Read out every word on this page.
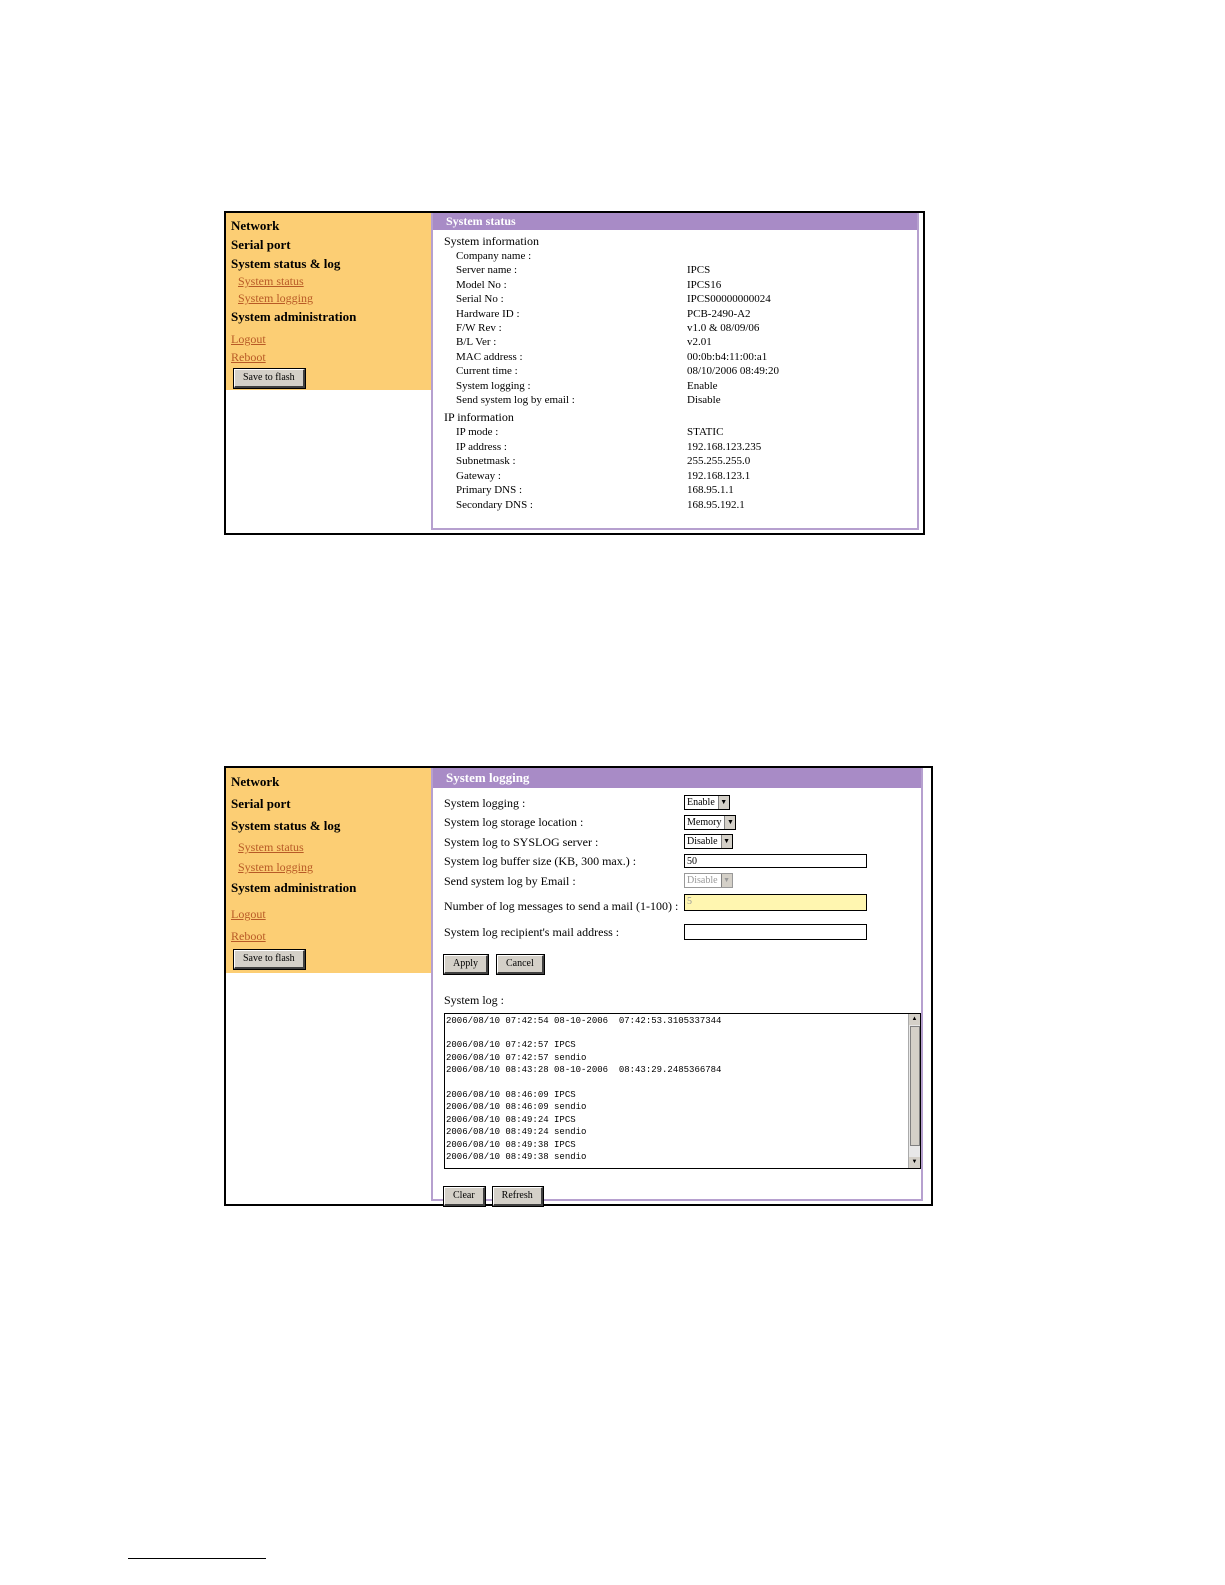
Network
Serial port
System status & log
System status
System logging
System administration
Logout
Reboot
Save to flash
System status
System information
Company name :
Server name :	IPCS
Model No :	IPCS16
Serial No :	IPCS00000000024
Hardware ID :	PCB-2490-A2
F/W Rev :	v1.0 & 08/09/06
B/L Ver :	v2.01
MAC address :	00:0b:b4:11:00:a1
Current time :	08/10/2006 08:49:20
System logging :	Enable
Send system log by email :	Disable
IP information
IP mode :	STATIC
IP address :	192.168.123.235
Subnetmask :	255.255.255.0
Gateway :	192.168.123.1
Primary DNS :	168.95.1.1
Secondary DNS :	168.95.192.1
Network
Serial port
System status & log
System status
System logging
System administration
Logout
Reboot
Save to flash
System logging
System logging :	Enable ▼
System log storage location :	Memory ▼
System log to SYSLOG server :	Disable ▼
System log buffer size (KB, 300 max.) :	50
Send system log by Email :	Disable ▼
Number of log messages to send a mail (1-100) : 5
System log recipient's mail address :
Apply	Cancel
System log :
2006/08/10 07:42:54 08-10-2006  07:42:53.3105337344
2006/08/10 07:42:57 IPCS
2006/08/10 07:42:57 sendio
2006/08/10 08:43:28 08-10-2006  08:43:29.2485366784
2006/08/10 08:46:09 IPCS
2006/08/10 08:46:09 sendio
2006/08/10 08:49:24 IPCS
2006/08/10 08:49:24 sendio
2006/08/10 08:49:38 IPCS
2006/08/10 08:49:38 sendio
▲
▼
Clear	Refresh
